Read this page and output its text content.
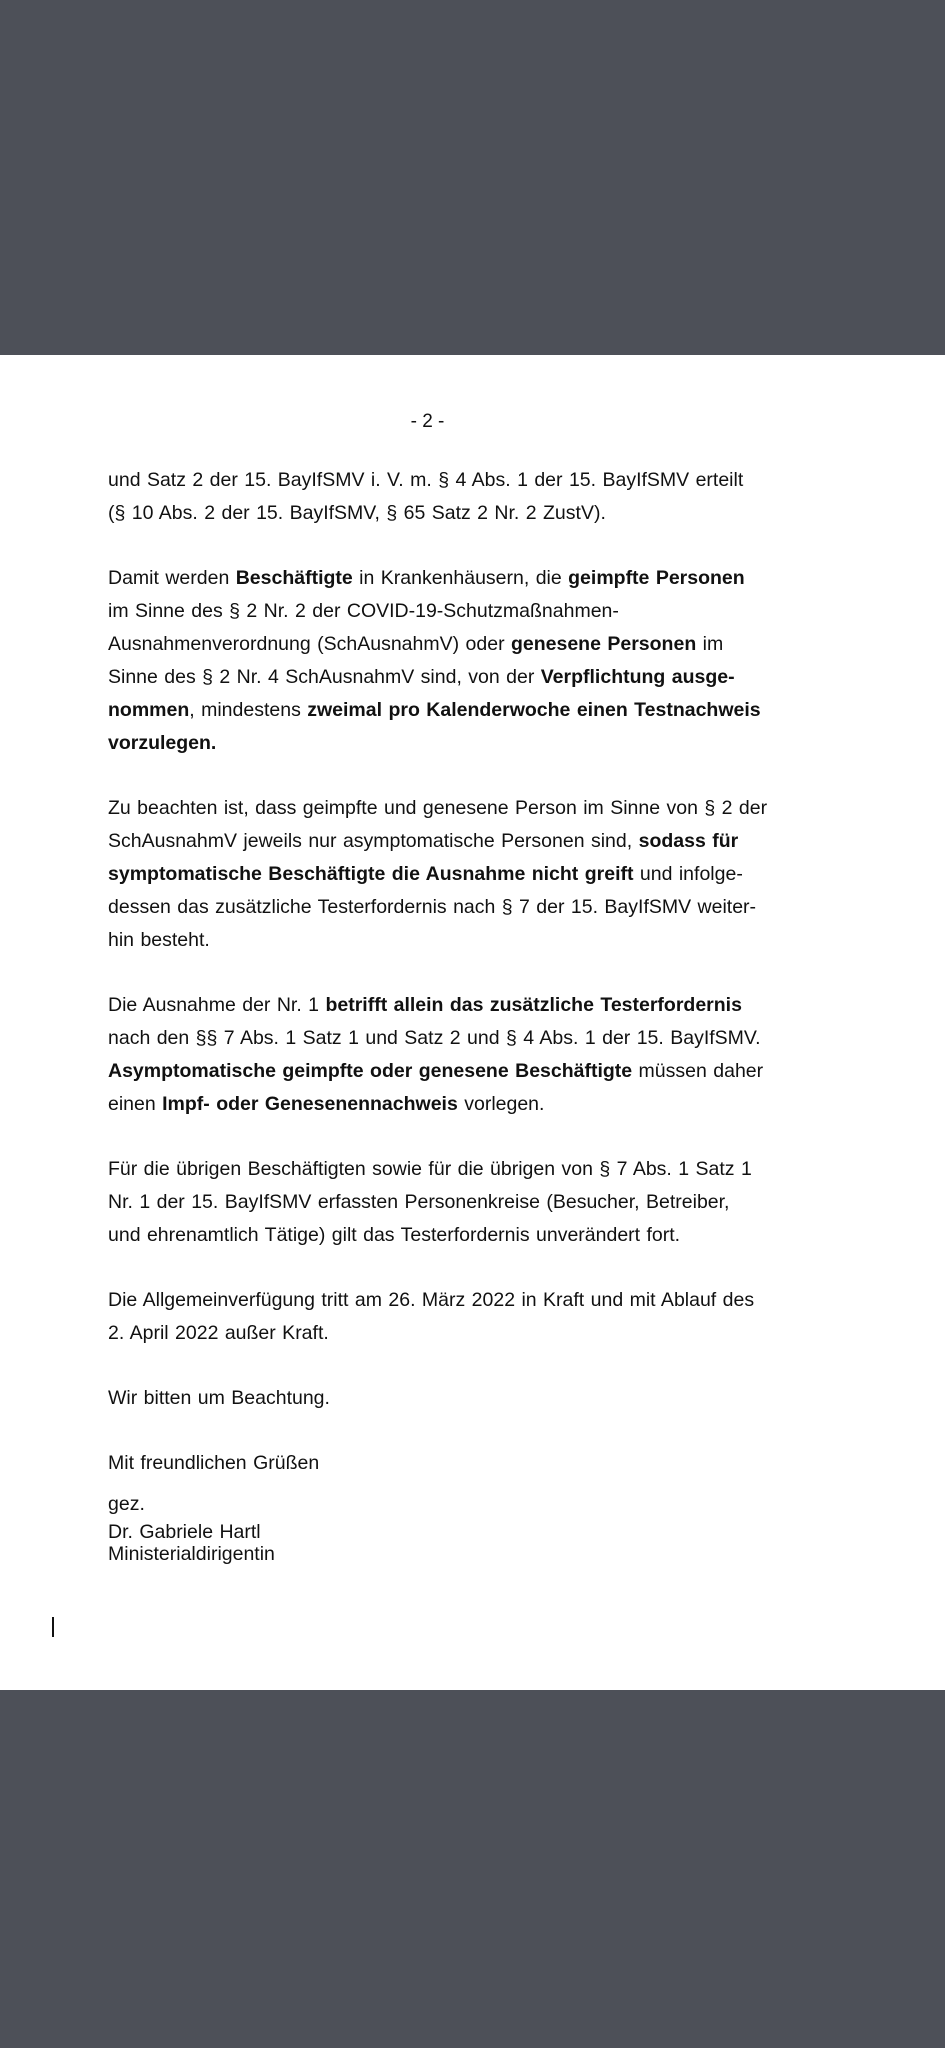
- 2 -
und Satz 2 der 15. BayIfSMV i. V. m. § 4 Abs. 1 der 15. BayIfSMV erteilt
(§ 10 Abs. 2 der 15. BayIfSMV, § 65 Satz 2 Nr. 2 ZustV).
Damit werden Beschäftigte in Krankenhäusern, die geimpfte Personen
im Sinne des § 2 Nr. 2 der COVID-19-Schutzmaßnahmen-
Ausnahmenverordnung (SchAusnahmV) oder genesene Personen im
Sinne des § 2 Nr. 4 SchAusnahmV sind, von der Verpflichtung ausge-
nommen, mindestens zweimal pro Kalenderwoche einen Testnachweis
vorzulegen.
Zu beachten ist, dass geimpfte und genesene Person im Sinne von § 2 der
SchAusnahmV jeweils nur asymptomatische Personen sind, sodass für
symptomatische Beschäftigte die Ausnahme nicht greift und infolge-
dessen das zusätzliche Testerfordernis nach § 7 der 15. BayIfSMV weiter-
hin besteht.
Die Ausnahme der Nr. 1 betrifft allein das zusätzliche Testerfordernis
nach den §§ 7 Abs. 1 Satz 1 und Satz 2 und § 4 Abs. 1 der 15. BayIfSMV.
Asymptomatische geimpfte oder genesene Beschäftigte müssen daher
einen Impf- oder Genesenennachweis vorlegen.
Für die übrigen Beschäftigten sowie für die übrigen von § 7 Abs. 1 Satz 1
Nr. 1 der 15. BayIfSMV erfassten Personenkreise (Besucher, Betreiber,
und ehrenamtlich Tätige) gilt das Testerfordernis unverändert fort.
Die Allgemeinverfügung tritt am 26. März 2022 in Kraft und mit Ablauf des
2. April 2022 außer Kraft.
Wir bitten um Beachtung.
Mit freundlichen Grüßen
gez.
Dr. Gabriele Hartl
Ministerialdirigentin
